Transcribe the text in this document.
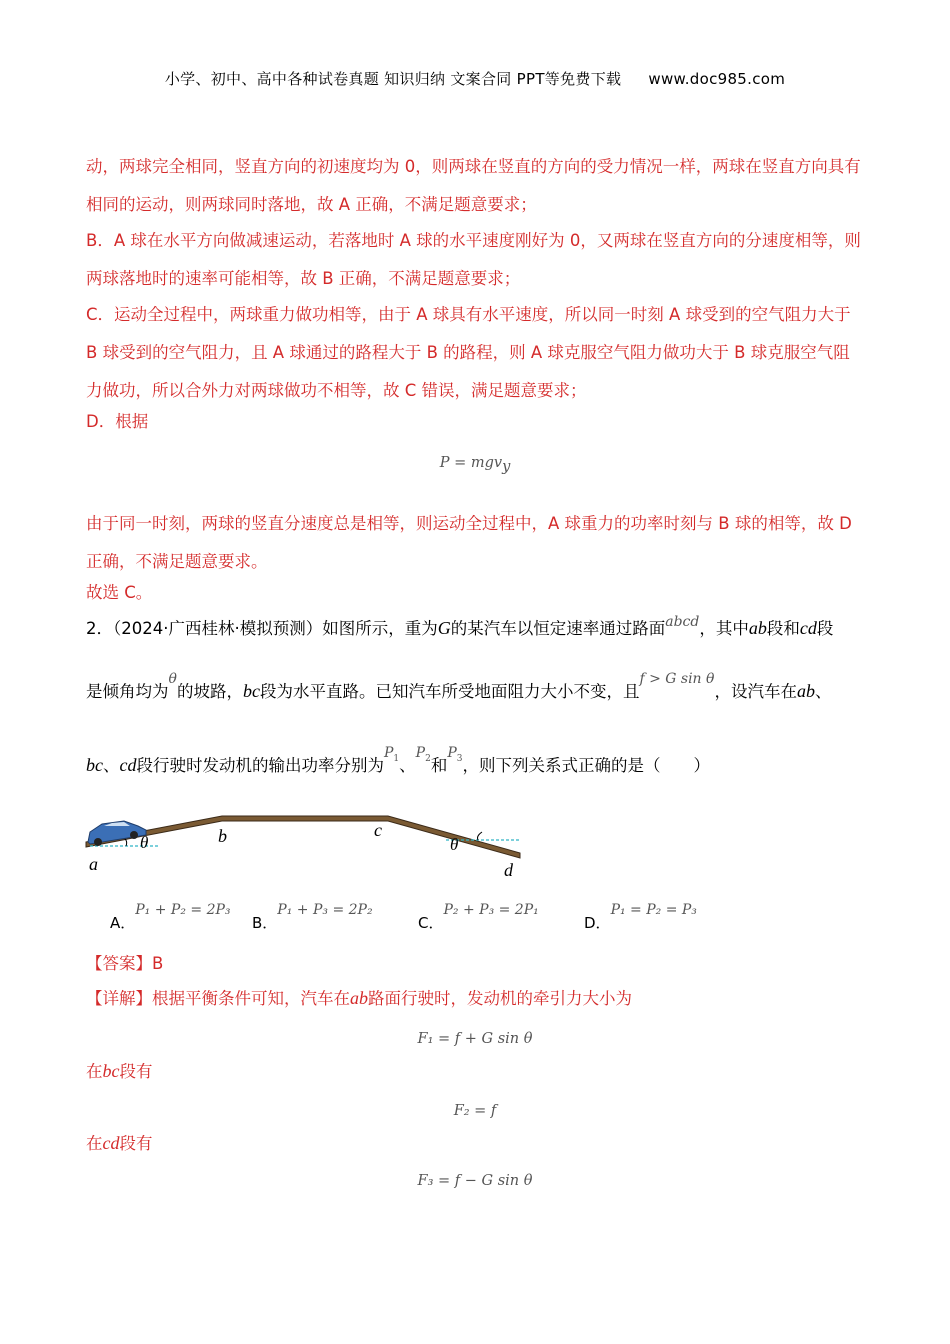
小学、初中、高中各种试卷真题 知识归纳 文案合同 PPT等免费下载 www.doc985.com
动，两球完全相同，竖直方向的初速度均为 0，则两球在竖直的方向的受力情况一样，两球在竖直方向具有相同的运动，则两球同时落地，故 A 正确，不满足题意要求；
B．A 球在水平方向做减速运动，若落地时 A 球的水平速度刚好为 0，又两球在竖直方向的分速度相等，则两球落地时的速率可能相等，故 B 正确，不满足题意要求；
C．运动全过程中，两球重力做功相等，由于 A 球具有水平速度，所以同一时刻 A 球受到的空气阻力大于 B 球受到的空气阻力，且 A 球通过的路程大于 B 的路程，则 A 球克服空气阻力做功大于 B 球克服空气阻力做功，所以合外力对两球做功不相等，故 C 错误，满足题意要求；
D．根据
P = mgv$_y$
由于同一时刻，两球的竖直分速度总是相等，则运动全过程中，A 球重力的功率时刻与 B 球的相等，故 D 正确，不满足题意要求。
故选 C。
2．（2024·广西桂林·模拟预测）如图所示，重为G的某汽车以恒定速率通过路面$^{abcd}$，其中ab段和cd段
是倾角均为$^\theta$的坡路，bc段为水平直路。已知汽车所受地面阻力大小不变，且$^{f > G sin \theta}$，设汽车在ab、
bc、cd段行驶时发动机的输出功率分别为$^{P_1}$、$^{P_2}$和$^{P_3}$，则下列关系式正确的是（　　）
a
b	c
d
θ	θ
A．P₁ + P₂ = 2P₃
B．P₁ + P₃ = 2P₂
C．P₂ + P₃ = 2P₁
D．P₁ = P₂ = P₃
【答案】B
【详解】根据平衡条件可知，汽车在ab路面行驶时，发动机的牵引力大小为
F₁ = f + G sin θ
在bc段有
F₂ = f
在cd段有
F₃ = f − G sin θ
